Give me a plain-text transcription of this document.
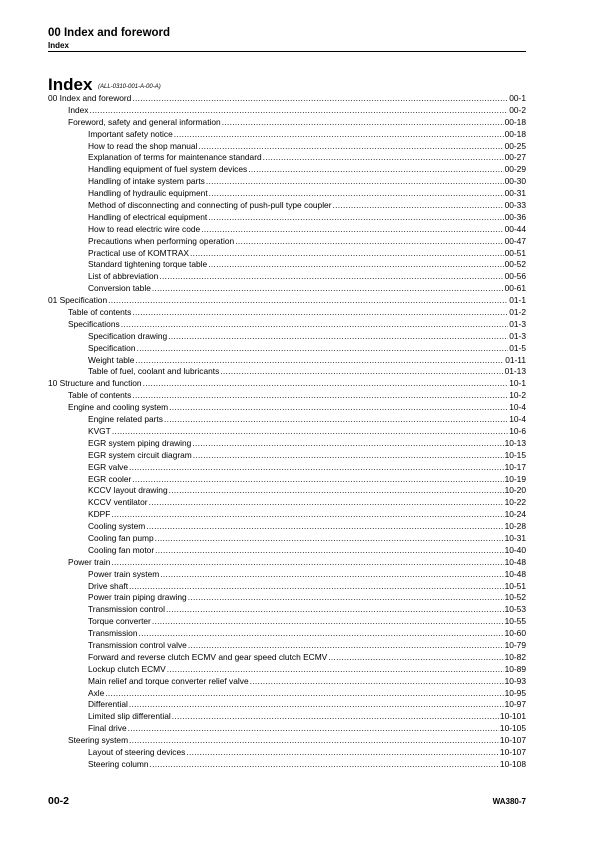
00 Index and foreword
Index
Index (ALL-0310-001-A-00-A)
00 Index and foreword .....	00-1
Index .....	00-2
Foreword, safety and general information .....	00-18
Important safety notice .....	00-18
How to read the shop manual .....	00-25
Explanation of terms for maintenance standard .....	00-27
Handling equipment of fuel system devices .....	00-29
Handling of intake system parts .....	00-30
Handling of hydraulic equipment .....	00-31
Method of disconnecting and connecting of push-pull type coupler .....	00-33
Handling of electrical equipment .....	00-36
How to read electric wire code .....	00-44
Precautions when performing operation .....	00-47
Practical use of KOMTRAX .....	00-51
Standard tightening torque table .....	00-52
List of abbreviation .....	00-56
Conversion table .....	00-61
01 Specification .....	01-1
Table of contents .....	01-2
Specifications .....	01-3
Specification drawing .....	01-3
Specification .....	01-5
Weight table .....	01-11
Table of fuel, coolant and lubricants .....	01-13
10 Structure and function .....	10-1
Table of contents .....	10-2
Engine and cooling system .....	10-4
Engine related parts .....	10-4
KVGT .....	10-6
EGR system piping drawing .....	10-13
EGR system circuit diagram .....	10-15
EGR valve .....	10-17
EGR cooler .....	10-19
KCCV layout drawing .....	10-20
KCCV ventilator .....	10-22
KDPF .....	10-24
Cooling system .....	10-28
Cooling fan pump .....	10-31
Cooling fan motor .....	10-40
Power train .....	10-48
Power train system .....	10-48
Drive shaft .....	10-51
Power train piping drawing .....	10-52
Transmission control .....	10-53
Torque converter .....	10-55
Transmission .....	10-60
Transmission control valve .....	10-79
Forward and reverse clutch ECMV and gear speed clutch ECMV .....	10-82
Lockup clutch ECMV .....	10-89
Main relief and torque converter relief valve .....	10-93
Axle .....	10-95
Differential .....	10-97
Limited slip differential .....	10-101
Final drive .....	10-105
Steering system .....	10-107
Layout of steering devices .....	10-107
Steering column .....	10-108
00-2	WA380-7
